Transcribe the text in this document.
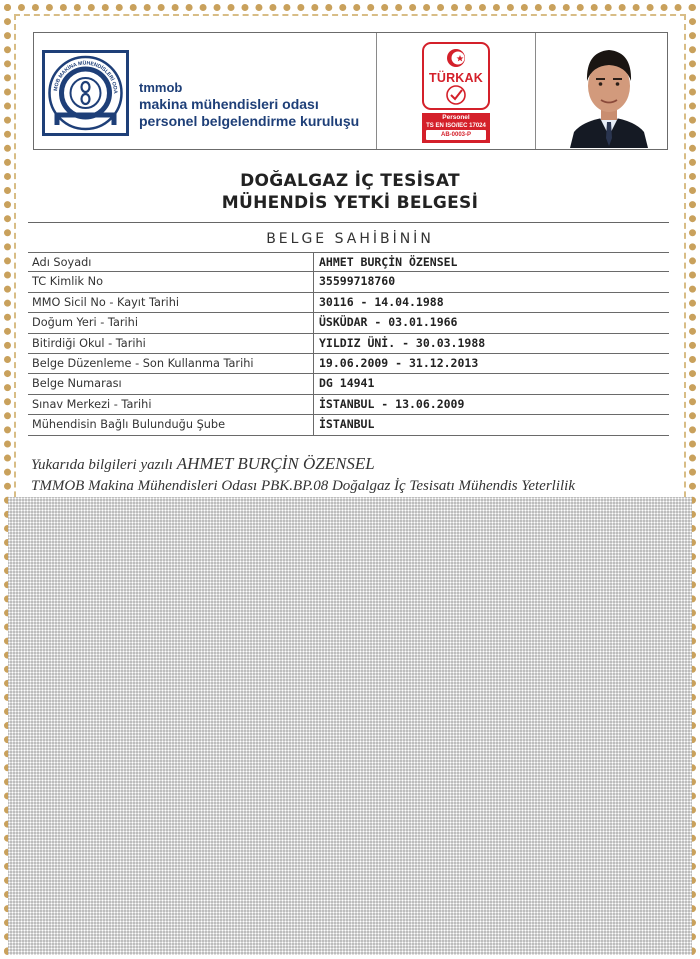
MOB MAKİNA MÜHENDİSLERİ ODA tmmob
makina mühendisleri odası
personel belgelendirme kuruluşu
TÜRKAK
Personel
TS EN ISO/IEC 17024
AB-0003-P
DOĞALGAZ İÇ TESİSAT
MÜHENDİS YETKİ BELGESİ
BELGE SAHİBİNİN
Adı Soyadı	AHMET BURÇİN ÖZENSEL
TC Kimlik No	35599718760
MMO Sicil No - Kayıt Tarihi	30116 - 14.04.1988
Doğum Yeri - Tarihi	ÜSKÜDAR - 03.01.1966
Bitirdiği Okul - Tarihi	YILDIZ ÜNİ. - 30.03.1988
Belge Düzenleme - Son Kullanma Tarihi	19.06.2009 - 31.12.2013
Belge Numarası	DG 14941
Sınav Merkezi - Tarihi	İSTANBUL - 13.06.2009
Mühendisin Bağlı Bulunduğu Şube	İSTANBUL
Yukarıda bilgileri yazılı AHMET BURÇİN ÖZENSEL
TMMOB Makina Mühendisleri Odası PBK.BP.08 Doğalgaz İç Tesisatı Mühendis Yeterlilik
